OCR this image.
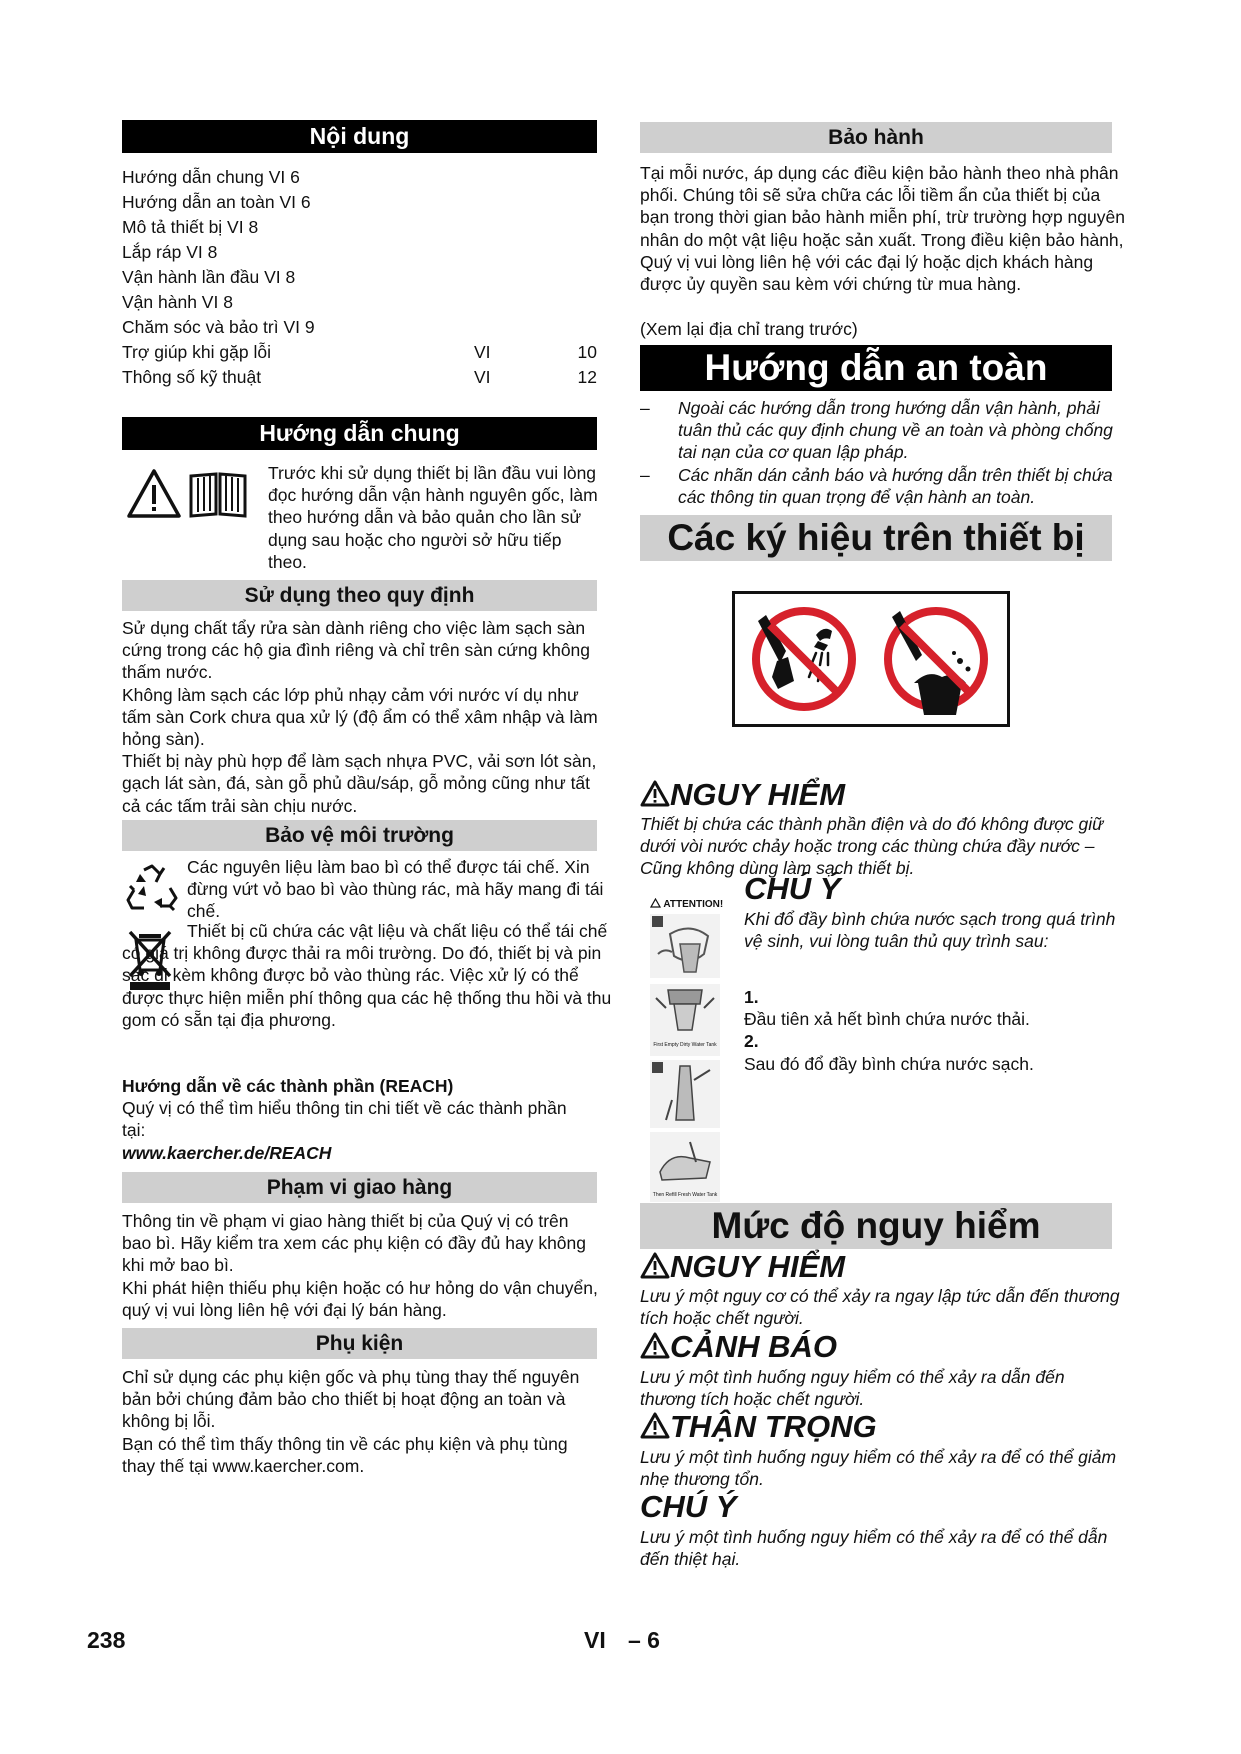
Nội dung
Hướng dẫn chung VI 6
Hướng dẫn an toàn VI 6
Mô tả thiết bị VI 8
Lắp ráp VI 8
Vận hành lần đầu VI 8
Vận hành VI 8
Chăm sóc và bảo trì VI 9
Trợ giúp khi gặp lỗi	VI	10
Thông số kỹ thuật	VI	12
Hướng dẫn chung
Trước khi sử dụng thiết bị lần đầu vui lòng đọc hướng dẫn vận hành nguyên gốc, làm theo hướng dẫn và bảo quản cho lần sử dụng sau hoặc cho người sở hữu tiếp theo.
Sử dụng theo quy định
Sử dụng chất tẩy rửa sàn dành riêng cho việc làm sạch sàn cứng trong các hộ gia đình riêng và chỉ trên sàn cứng không thấm nước.
Không làm sạch các lớp phủ nhạy cảm với nước ví dụ như tấm sàn Cork chưa qua xử lý (độ ẩm có thể xâm nhập và làm hỏng sàn).
Thiết bị này phù hợp để làm sạch nhựa PVC, vải sơn lót sàn, gạch lát sàn, đá, sàn gỗ phủ dầu/sáp, gỗ mỏng cũng như tất cả các tấm trải sàn chịu nước.
Bảo vệ môi trường
Các nguyên liệu làm bao bì có thể được tái chế. Xin đừng vứt vỏ bao bì vào thùng rác, mà hãy mang đi tái chế.
Thiết bị cũ chứa các vật liệu và chất liệu có thể tái chế có giá trị không được thải ra môi trường. Do đó, thiết bị và pin sạc đi kèm không được bỏ vào thùng rác. Việc xử lý có thể được thực hiện miễn phí thông qua các hệ thống thu hồi và thu gom có sẵn tại địa phương.
Hướng dẫn về các thành phần (REACH)
Quý vị có thể tìm hiểu thông tin chi tiết về các thành phần tại:
www.kaercher.de/REACH
Phạm vi giao hàng
Thông tin về phạm vi giao hàng thiết bị của Quý vị có trên bao bì. Hãy kiểm tra xem các phụ kiện có đầy đủ hay không khi mở bao bì.
Khi phát hiện thiếu phụ kiện hoặc có hư hỏng do vận chuyển, quý vị vui lòng liên hệ với đại lý bán hàng.
Phụ kiện
Chỉ sử dụng các phụ kiện gốc và phụ tùng thay thế nguyên bản bởi chúng đảm bảo cho thiết bị hoạt động an toàn và không bị lỗi.
Bạn có thể tìm thấy thông tin về các phụ kiện và phụ tùng thay thế tại www.kaercher.com.
Bảo hành
Tại mỗi nước, áp dụng các điều kiện bảo hành theo nhà phân phối. Chúng tôi sẽ sửa chữa các lỗi tiềm ẩn của thiết bị của bạn trong thời gian bảo hành miễn phí, trừ trường hợp nguyên nhân do một vật liệu hoặc sản xuất. Trong điều kiện bảo hành, Quý vị vui lòng liên hệ với các đại lý hoặc dịch khách hàng được ủy quyền sau kèm với chứng từ mua hàng.
(Xem lại địa chỉ trang trước)
Hướng dẫn an toàn
– Ngoài các hướng dẫn trong hướng dẫn vận hành, phải tuân thủ các quy định chung về an toàn và phòng chống tai nạn của cơ quan lập pháp.
– Các nhãn dán cảnh báo và hướng dẫn trên thiết bị chứa các thông tin quan trọng để vận hành an toàn.
Các ký hiệu trên thiết bị
NGUY HIỂM
Thiết bị chứa các thành phần điện và do đó không được giữ dưới vòi nước chảy hoặc trong các thùng chứa đầy nước – Cũng không dùng làm sạch thiết bị.
ATTENTION!
First Empty Dirty Water Tank
Then Refill Fresh Water Tank
CHÚ Ý
Khi đổ đầy bình chứa nước sạch trong quá trình vệ sinh, vui lòng tuân thủ quy trình sau:
1.
Đầu tiên xả hết bình chứa nước thải.
2.
Sau đó đổ đầy bình chứa nước sạch.
Mức độ nguy hiểm
NGUY HIỂM
Lưu ý một nguy cơ có thể xảy ra ngay lập tức dẫn đến thương tích hoặc chết người.
CẢNH BÁO
Lưu ý một tình huống nguy hiểm có thể xảy ra dẫn đến thương tích hoặc chết người.
THẬN TRỌNG
Lưu ý một tình huống nguy hiểm có thể xảy ra để có thể giảm nhẹ thương tổn.
CHÚ Ý
Lưu ý một tình huống nguy hiểm có thể xảy ra để có thể dẫn đến thiệt hại.
238	VI – 6
